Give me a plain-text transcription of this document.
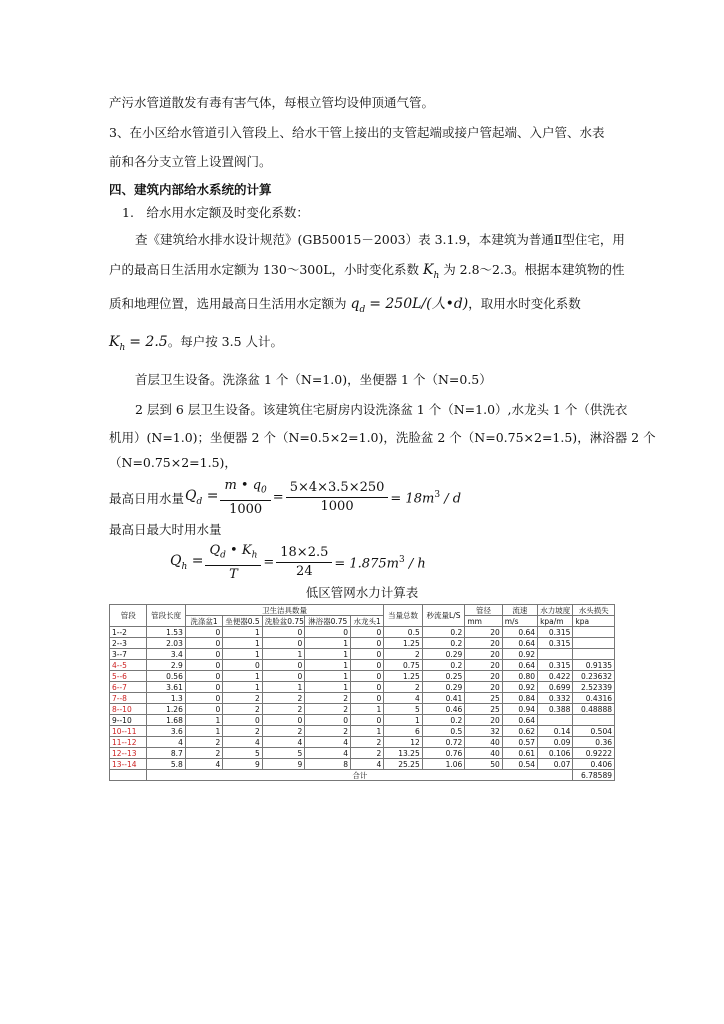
产污水管道散发有毒有害气体，每根立管均设伸顶通气管。
3、在小区给水管道引入管段上、给水干管上接出的支管起端或接户管起端、入户管、水表
前和各分支立管上设置阀门。
四、建筑内部给水系统的计算
1.　给水用水定额及时变化系数：
查《建筑给水排水设计规范》(GB50015－2003）表 3.1.9，本建筑为普通Ⅱ型住宅，用
户的最高日生活用水定额为 130～300L，小时变化系数 $K_h$ 为 2.8～2.3。根据本建筑物的性
质和地理位置，选用最高日生活用水定额为 $q_d = 250L/$(人•d)，取用水时变化系数
$K_h = 2.5$。每户按 3.5 人计。
首层卫生设备。洗涤盆 1 个（N=1.0)，坐便器 1 个（N=0.5）
2 层到 6 层卫生设备。该建筑住宅厨房内设洗涤盆 1 个（N=1.0）,水龙头 1 个（供洗衣
机用）(N=1.0)；坐便器 2 个（N=0.5×2=1.0)，洗脸盆 2 个（N=0.75×2=1.5)，淋浴器 2 个
（N=0.75×2=1.5)，
最高日用水量 $Q_d = \frac{m • q_0}{1000} = \frac{5\times 4\times 3.5\times 250}{1000} = 18m^3 / d$
最高日最大时用水量
$Q_h = \frac{Q_d • K_h}{T} = \frac{18\times 2.5}{24} = 1.875m^3 / h$
低区管网水力计算表
管段	管段长度	卫生洁具数量					当量总数	秒流量L/S	管径	流速	水力坡度	水头损失
		洗涤盆1	坐便器0.5	洗脸盆0.75	淋浴器0.75	水龙头1			mm	m/s	kpa/m	kpa
1--2	1.53	0	1	0	0	0	0.5	0.2	20	0.64	0.315	
2--3	2.03	0	1	0	1	0	1.25	0.2	20	0.64	0.315	
3--7	3.4	0	1	1	1	0	2	0.29	20	0.92		
4--5	2.9	0	0	0	1	0	0.75	0.2	20	0.64	0.315	0.9135
5--6	0.56	0	1	0	1	0	1.25	0.25	20	0.80	0.422	0.23632
6--7	3.61	0	1	1	1	0	2	0.29	20	0.92	0.699	2.52339
7--8	1.3	0	2	2	2	0	4	0.41	25	0.84	0.332	0.4316
8--10	1.26	0	2	2	2	1	5	0.46	25	0.94	0.388	0.48888
9--10	1.68	1	0	0	0	0	1	0.2	20	0.64		
10--11	3.6	1	2	2	2	1	6	0.5	32	0.62	0.14	0.504
11--12	4	2	4	4	4	2	12	0.72	40	0.57	0.09	0.36
12--13	8.7	2	5	5	4	2	13.25	0.76	40	0.61	0.106	0.9222
13--14	5.8	4	9	9	8	4	25.25	1.06	50	0.54	0.07	0.406
	合计											6.78589
